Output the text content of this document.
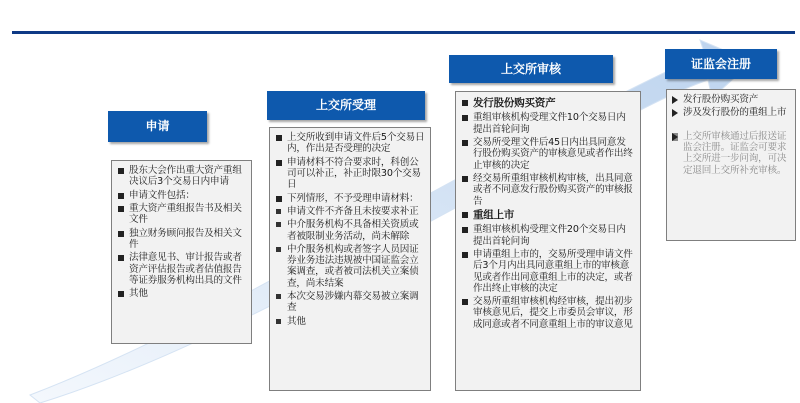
申请
股东大会作出重大资产重组决议后3个交易日内申请
申请文件包括：
重大资产重组报告书及相关文件
独立财务顾问报告及相关文件
法律意见书、审计报告或者资产评估报告或者估值报告等证券服务机构出具的文件
其他
上交所受理
上交所收到申请文件后5个交易日内，作出是否受理的决定
申请材料不符合要求时，科创公司可以补正，补正时限30个交易日
下列情形，不予受理申请材料：
申请文件不齐备且未按要求补正
中介服务机构不具备相关资质或者被限制业务活动，尚未解除
中介服务机构或者签字人员因证券业务违法违规被中国证监会立案调查，或者被司法机关立案侦查，尚未结案
本次交易涉嫌内幕交易被立案调查
其他
上交所审核
发行股份购买资产
重组审核机构受理文件10个交易日内提出首轮问询
交易所受理文件后45日内出具同意发行股份购买资产的审核意见或者作出终止审核的决定
经交易所重组审核机构审核，出具同意或者不同意发行股份购买资产的审核报告
重组上市
重组审核机构受理文件20个交易日内提出首轮问询
申请重组上市的，交易所受理申请文件后3个月内出具同意重组上市的审核意见或者作出同意重组上市的决定，或者作出终止审核的决定
交易所重组审核机构经审核，提出初步审核意见后，提交上市委员会审议，形成同意或者不同意重组上市的审议意见
证监会注册
发行股份购买资产
涉及发行股份的重组上市
上交所审核通过后报送证监会注册。证监会可要求上交所进一步问询，可决定退回上交所补充审核。
